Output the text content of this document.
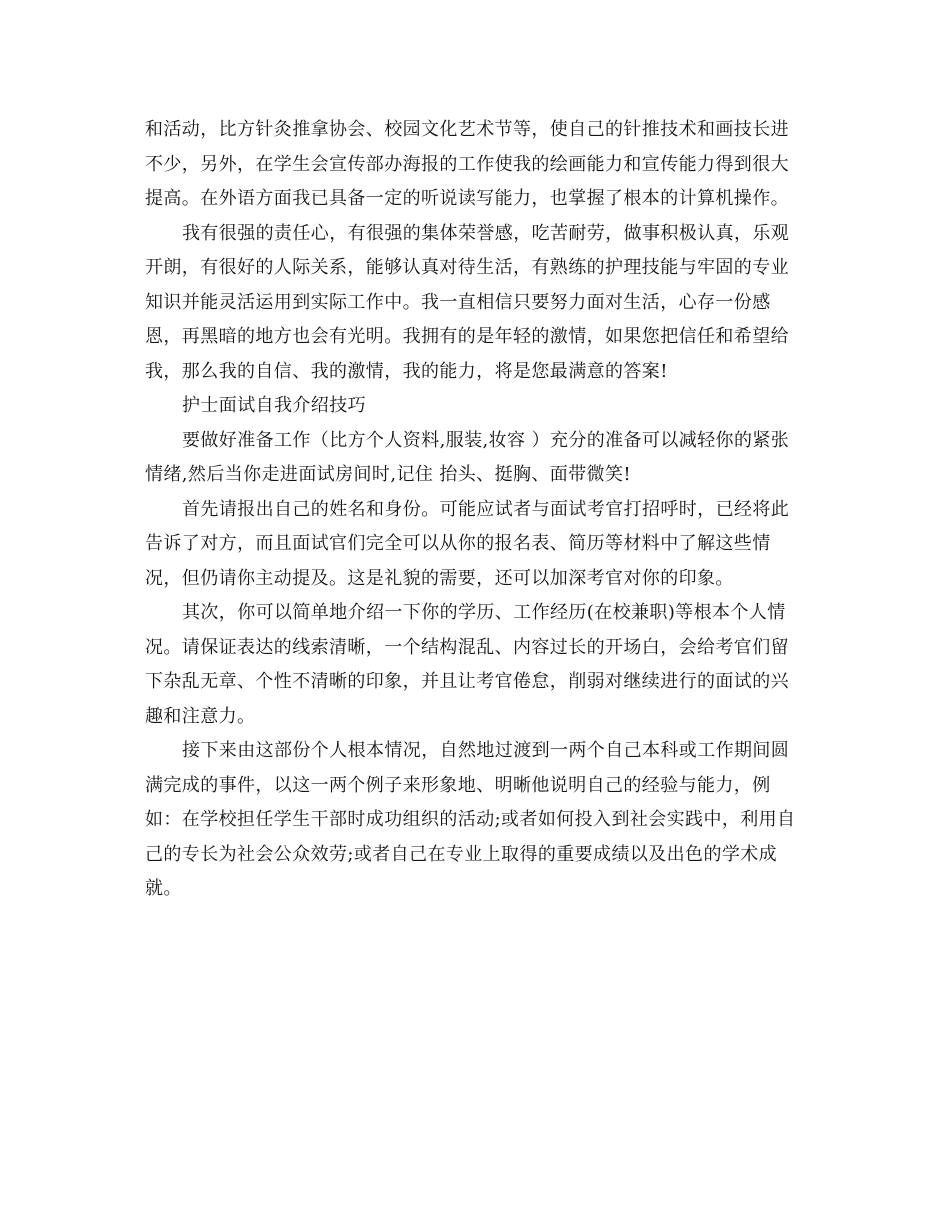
和活动，比方针灸推拿协会、校园文化艺术节等，使自己的针推技术和画技长进
不少，另外，在学生会宣传部办海报的工作使我的绘画能力和宣传能力得到很大
提高。在外语方面我已具备一定的听说读写能力，也掌握了根本的计算机操作。
我有很强的责任心，有很强的集体荣誉感，吃苦耐劳，做事积极认真，乐观
开朗，有很好的人际关系，能够认真对待生活，有熟练的护理技能与牢固的专业
知识并能灵活运用到实际工作中。我一直相信只要努力面对生活，心存一份感
恩，再黑暗的地方也会有光明。我拥有的是年轻的激情，如果您把信任和希望给
我，那么我的自信、我的激情，我的能力，将是您最满意的答案!
护士面试自我介绍技巧
要做好准备工作（比方个人资料,服装,妆容 ）充分的准备可以减轻你的紧张
情绪,然后当你走进面试房间时,记住 抬头、挺胸、面带微笑!
首先请报出自己的姓名和身份。可能应试者与面试考官打招呼时，已经将此
告诉了对方，而且面试官们完全可以从你的报名表、简历等材料中了解这些情
况，但仍请你主动提及。这是礼貌的需要，还可以加深考官对你的印象。
其次，你可以简单地介绍一下你的学历、工作经历(在校兼职)等根本个人情
况。请保证表达的线索清晰，一个结构混乱、内容过长的开场白，会给考官们留
下杂乱无章、个性不清晰的印象，并且让考官倦怠，削弱对继续进行的面试的兴
趣和注意力。
接下来由这部份个人根本情况，自然地过渡到一两个自己本科或工作期间圆
满完成的事件，以这一两个例子来形象地、明晰他说明自己的经验与能力，例
如：在学校担任学生干部时成功组织的活动;或者如何投入到社会实践中，利用自
己的专长为社会公众效劳;或者自己在专业上取得的重要成绩以及出色的学术成
就。
